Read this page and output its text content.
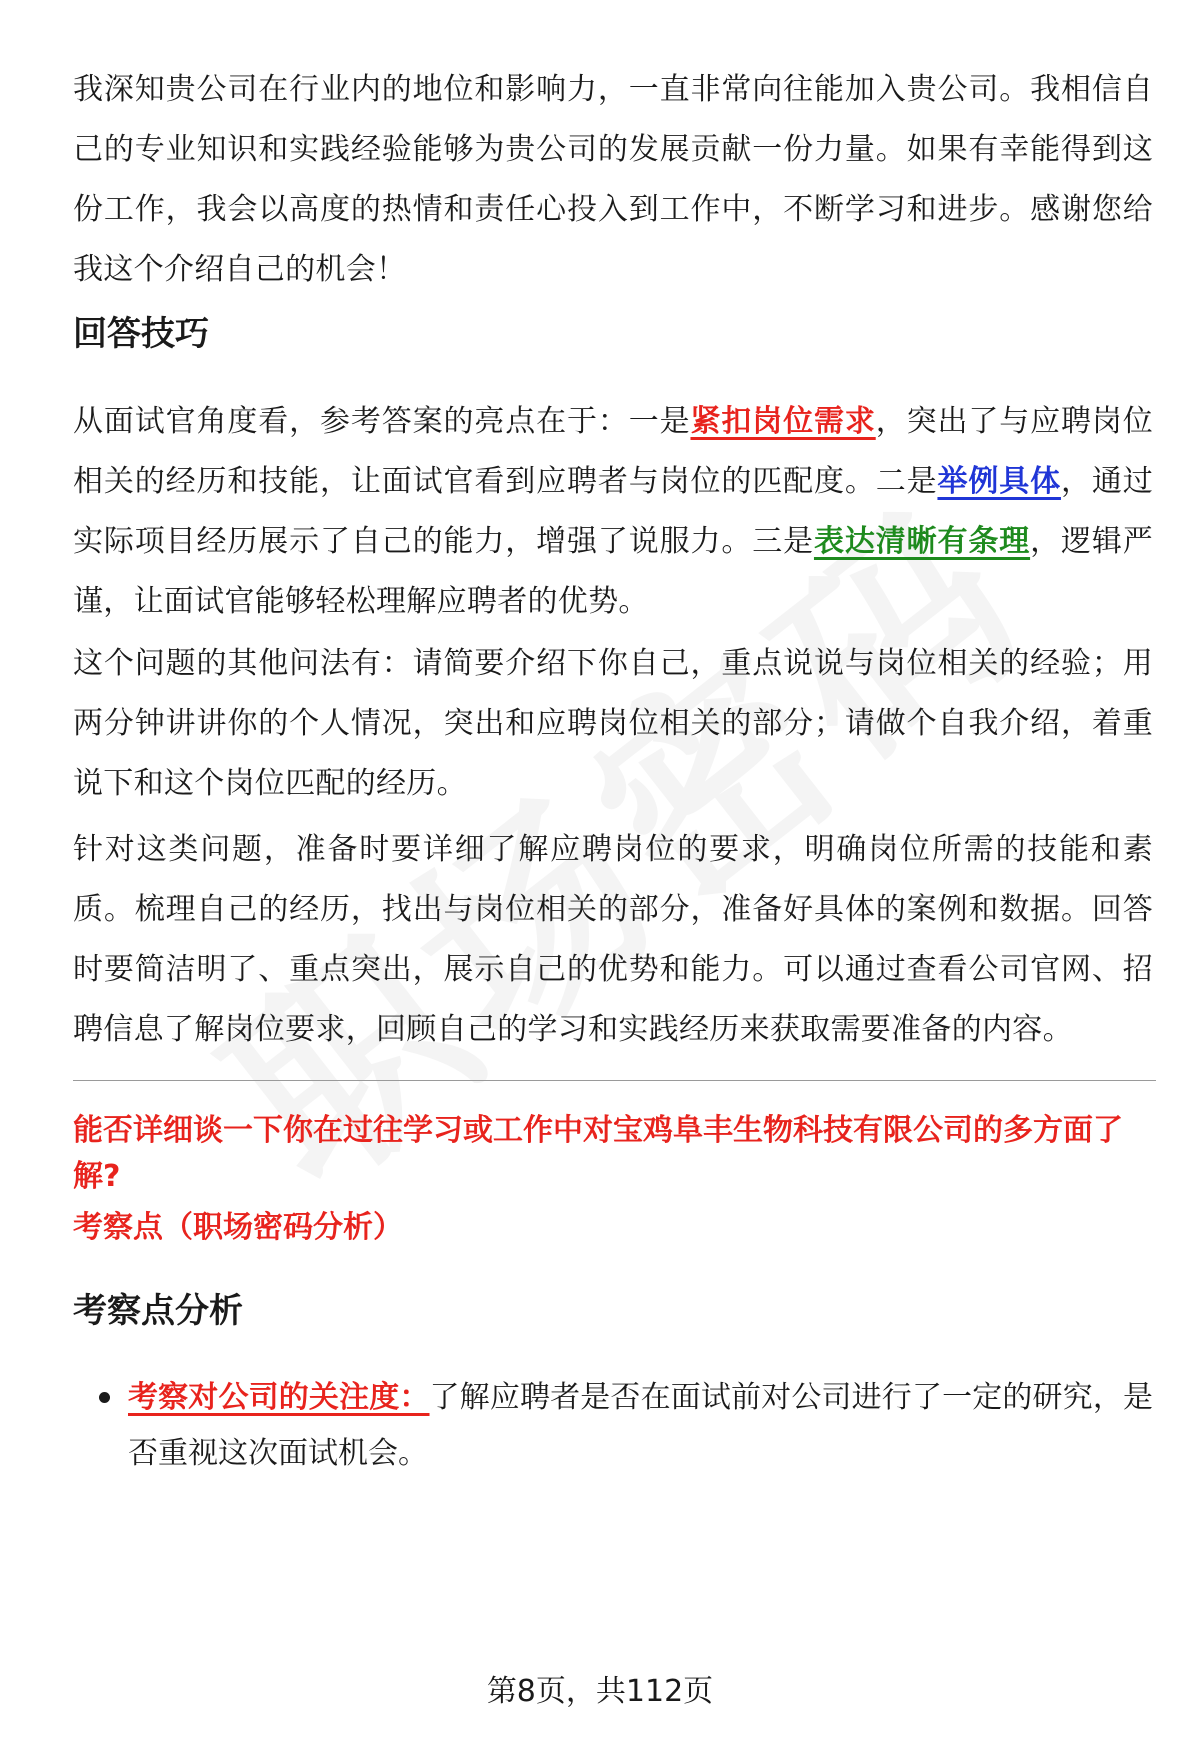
我深知贵公司在行业内的地位和影响力，一直非常向往能加入贵公司。我相信自己的专业知识和实践经验能够为贵公司的发展贡献一份力量。如果有幸能得到这份工作，我会以高度的热情和责任心投入到工作中，不断学习和进步。感谢您给我这个介绍自己的机会！

回答技巧

从面试官角度看，参考答案的亮点在于：一是紧扣岗位需求，突出了与应聘岗位相关的经历和技能，让面试官看到应聘者与岗位的匹配度。二是举例具体，通过实际项目经历展示了自己的能力，增强了说服力。三是表达清晰有条理，逻辑严谨，让面试官能够轻松理解应聘者的优势。

这个问题的其他问法有：请简要介绍下你自己，重点说说与岗位相关的经验；用两分钟讲讲你的个人情况，突出和应聘岗位相关的部分；请做个自我介绍，着重说下和这个岗位匹配的经历。

针对这类问题，准备时要详细了解应聘岗位的要求，明确岗位所需的技能和素质。梳理自己的经历，找出与岗位相关的部分，准备好具体的案例和数据。回答时要简洁明了、重点突出，展示自己的优势和能力。可以通过查看公司官网、招聘信息了解岗位要求，回顾自己的学习和实践经历来获取需要准备的内容。

能否详细谈一下你在过往学习或工作中对宝鸡阜丰生物科技有限公司的多方面了解?

考察点（职场密码分析）

考察点分析
考察对公司的关注度：了解应聘者是否在面试前对公司进行了一定的研究，是否重视这次面试机会。
第8页，共112页
